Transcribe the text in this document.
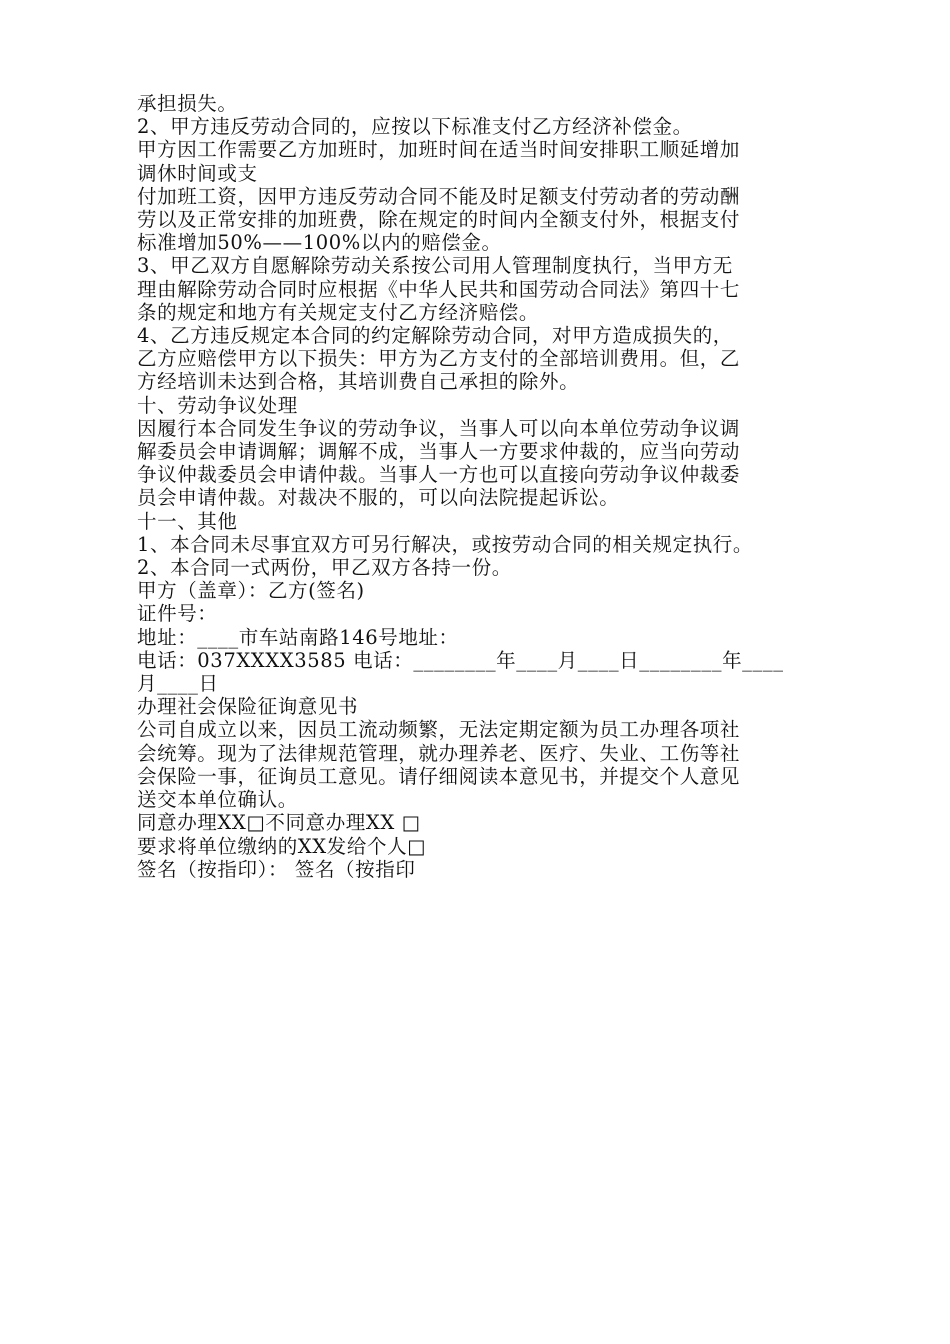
承担损失。
2、甲方违反劳动合同的，应按以下标准支付乙方经济补偿金。
甲方因工作需要乙方加班时，加班时间在适当时间安排职工顺延增加
调休时间或支
付加班工资，因甲方违反劳动合同不能及时足额支付劳动者的劳动酬
劳以及正常安排的加班费，除在规定的时间内全额支付外，根据支付
标准增加50%——100%以内的赔偿金。
3、甲乙双方自愿解除劳动关系按公司用人管理制度执行，当甲方无
理由解除劳动合同时应根据《中华人民共和国劳动合同法》第四十七
条的规定和地方有关规定支付乙方经济赔偿。
4、乙方违反规定本合同的约定解除劳动合同，对甲方造成损失的，
乙方应赔偿甲方以下损失：甲方为乙方支付的全部培训费用。但，乙
方经培训未达到合格，其培训费自己承担的除外。
十、劳动争议处理
因履行本合同发生争议的劳动争议，当事人可以向本单位劳动争议调
解委员会申请调解；调解不成，当事人一方要求仲裁的，应当向劳动
争议仲裁委员会申请仲裁。当事人一方也可以直接向劳动争议仲裁委
员会申请仲裁。对裁决不服的，可以向法院提起诉讼。
十一、其他
1、本合同未尽事宜双方可另行解决，或按劳动合同的相关规定执行。
2、本合同一式两份，甲乙双方各持一份。
甲方（盖章）：乙方(签名)
证件号：
地址：____市车站南路146号地址：
电话：037XXXX3585 电话：________年____月____日________年____
月____日
办理社会保险征询意见书
公司自成立以来，因员工流动频繁，无法定期定额为员工办理各项社
会统筹。现为了法律规范管理，就办理养老、医疗、失业、工伤等社
会保险一事，征询员工意见。请仔细阅读本意见书，并提交个人意见
送交本单位确认。
同意办理XX□不同意办理XX □
要求将单位缴纳的XX发给个人□
签名（按指印）： 签名（按指印
